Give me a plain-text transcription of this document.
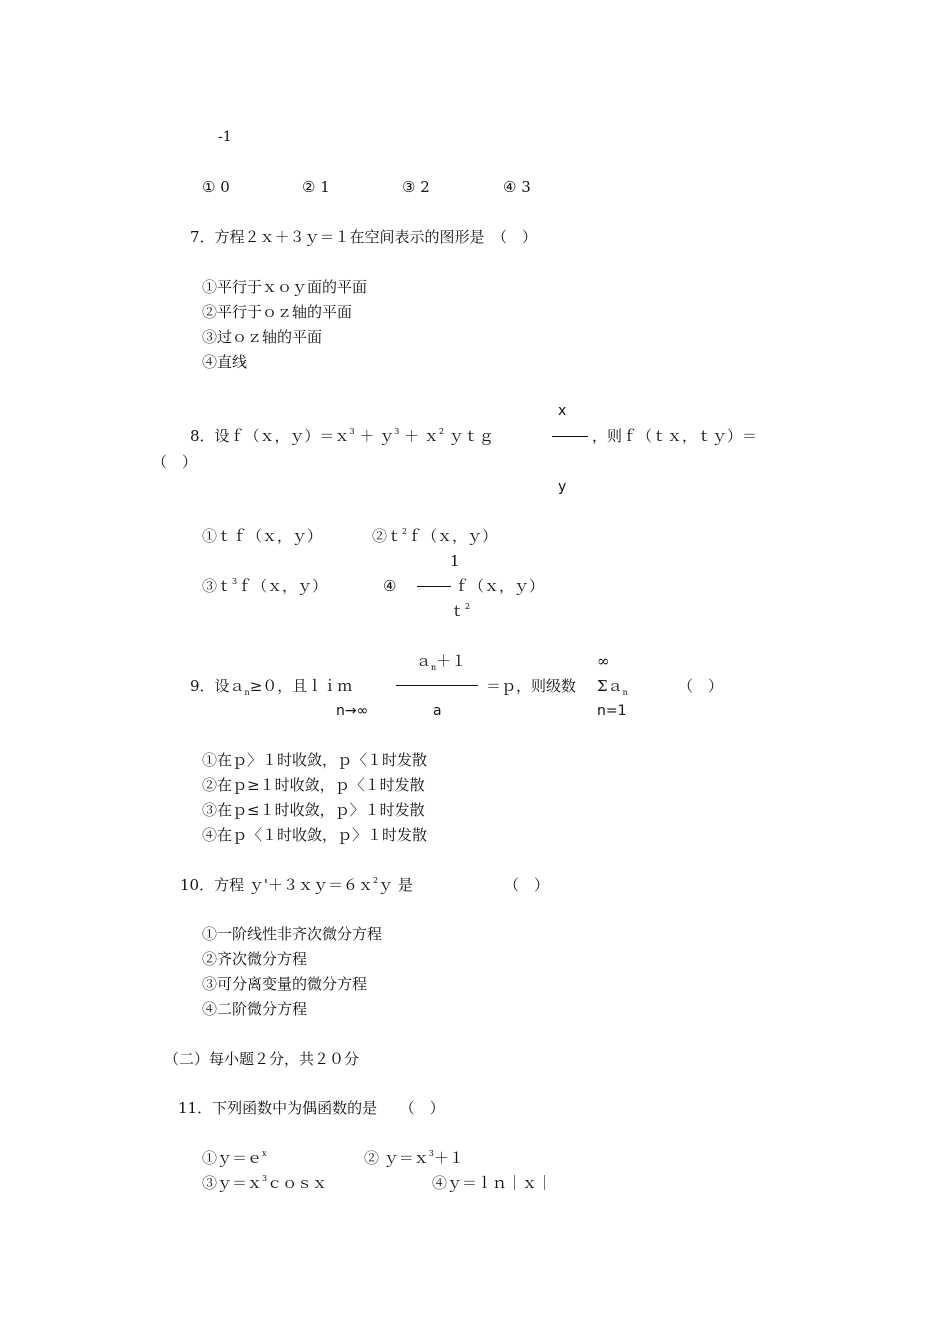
-1
① 0	② 1	③ 2	④ 3
7．方程２ｘ＋３ｙ＝１在空间表示的图形是　（　）
①平行于ｘｏｙ面的平面
②平行于ｏｚ轴的平面
③过ｏｚ轴的平面
④直线
x
8．设ｆ（ｘ，ｙ）＝ｘ$^3$ ＋ ｙ$^3$ ＋ ｘ$^2$ ｙｔｇ	，则ｆ（ｔｘ，ｔｙ）＝
（　）
y
①ｔｆ（ｘ，ｙ）	②ｔ$^2$ｆ（ｘ，ｙ）
1
③ｔ$^3$ｆ（ｘ，ｙ）	④	ｆ（ｘ，ｙ）
ｔ$^2$
ａ$_n$＋１	∞
9．设ａ$_n$≥０，且ｌｉｍ	＝ｐ，则级数 Σａ$_n$	（　）
n→∞	a	n=1
①在ｐ〉１时收敛，ｐ〈１时发散
②在ｐ≥１时收敛，ｐ〈１时发散
③在ｐ≤１时收敛，ｐ〉１时发散
④在ｐ〈１时收敛，ｐ〉１时发散
10．方程 ｙ'＋３ｘｙ＝６ｘ$^2$ｙ 是	（　）
①一阶线性非齐次微分方程
②齐次微分方程
③可分离变量的微分方程
④二阶微分方程
（二）每小题２分，共２０分
11．下列函数中为偶函数的是　　（　）
①ｙ＝ｅ$^x$	② ｙ＝ｘ$^3$＋１
③ｙ＝ｘ$^3$ｃｏｓｘ	④ｙ＝ｌｎ｜ｘ｜
